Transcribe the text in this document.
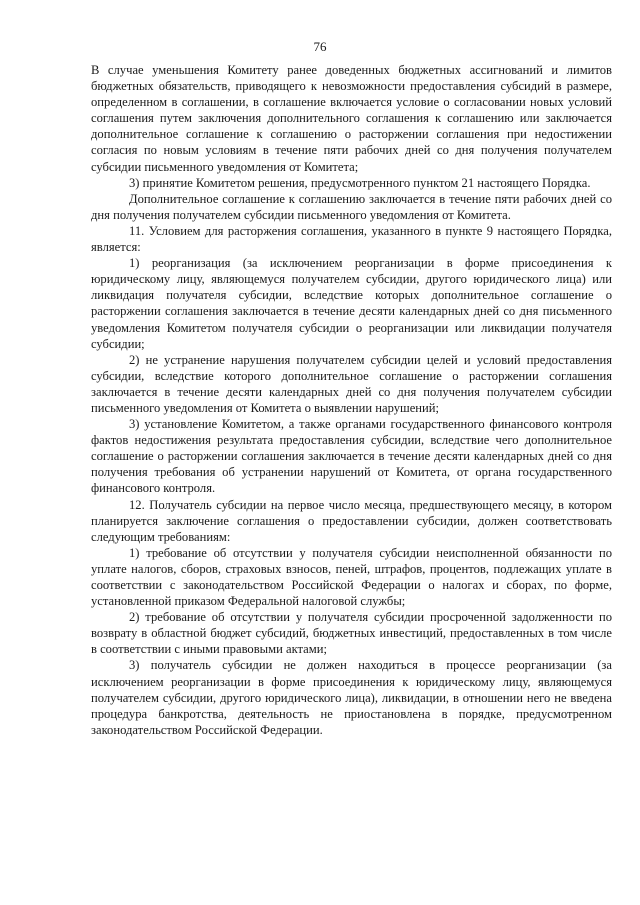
76

В случае уменьшения Комитету ранее доведенных бюджетных ассигнований и лимитов бюджетных обязательств, приводящего к невозможности предоставления субсидий в размере, определенном в соглашении, в соглашение включается условие о согласовании новых условий соглашения путем заключения дополнительного соглашения к соглашению или заключается дополнительное соглашение к соглашению о расторжении соглашения при недостижении согласия по новым условиям в течение пяти рабочих дней со дня получения получателем субсидии письменного уведомления от Комитета;

3) принятие Комитетом решения, предусмотренного пунктом 21 настоящего Порядка.

Дополнительное соглашение к соглашению заключается в течение пяти рабочих дней со дня получения получателем субсидии письменного уведомления от Комитета.

11. Условием для расторжения соглашения, указанного в пункте 9 настоящего Порядка, является:

1) реорганизация (за исключением реорганизации в форме присоединения к юридическому лицу, являющемуся получателем субсидии, другого юридического лица) или ликвидация получателя субсидии, вследствие которых дополнительное соглашение о расторжении соглашения заключается в течение десяти календарных дней со дня письменного уведомления Комитетом получателя субсидии о реорганизации или ликвидации получателя субсидии;

2) не устранение нарушения получателем субсидии целей и условий предоставления субсидии, вследствие которого дополнительное соглашение о расторжении соглашения заключается в течение десяти календарных дней со дня получения получателем субсидии письменного уведомления от Комитета о выявлении нарушений;

3) установление Комитетом, а также органами государственного финансового контроля фактов недостижения результата предоставления субсидии, вследствие чего дополнительное соглашение о расторжении соглашения заключается в течение десяти календарных дней со дня получения требования об устранении нарушений от Комитета, от органа государственного финансового контроля.

12. Получатель субсидии на первое число месяца, предшествующего месяцу, в котором планируется заключение соглашения о предоставлении субсидии, должен соответствовать следующим требованиям:

1) требование об отсутствии у получателя субсидии неисполненной обязанности по уплате налогов, сборов, страховых взносов, пеней, штрафов, процентов, подлежащих уплате в соответствии с законодательством Российской Федерации о налогах и сборах, по форме, установленной приказом Федеральной налоговой службы;

2) требование об отсутствии у получателя субсидии просроченной задолженности по возврату в областной бюджет субсидий, бюджетных инвестиций, предоставленных в том числе в соответствии с иными правовыми актами;

3) получатель субсидии не должен находиться в процессе реорганизации (за исключением реорганизации в форме присоединения к юридическому лицу, являющемуся получателем субсидии, другого юридического лица), ликвидации, в отношении него не введена процедура банкротства, деятельность не приостановлена в порядке, предусмотренном законодательством Российской Федерации.
